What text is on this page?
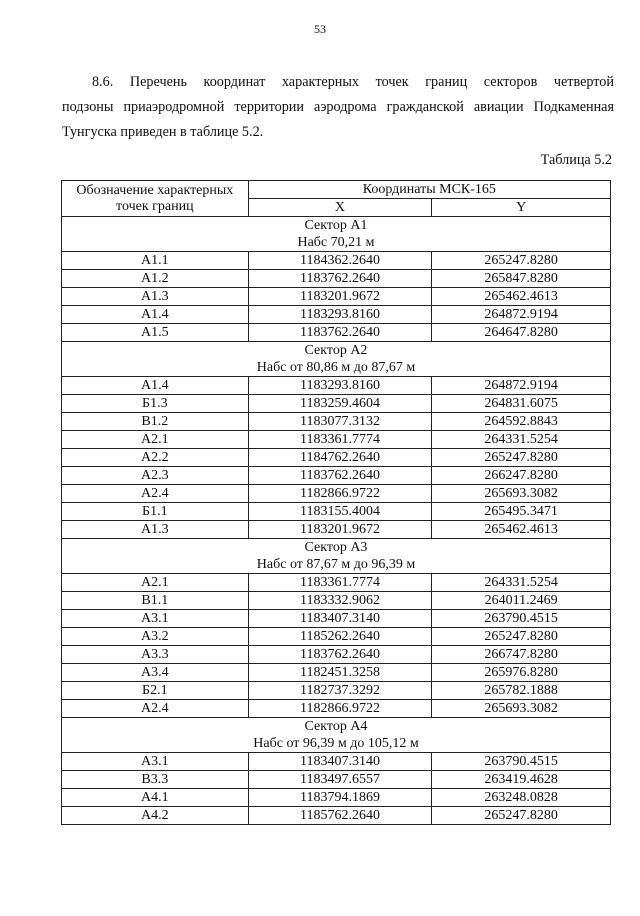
53

8.6. Перечень координат характерных точек границ секторов четвертой
подзоны приаэродромной территории аэродрома гражданской авиации Подкаменная
Тунгуска приведен в таблице 5.2.

Таблица 5.2
Обозначение характерных точек границ	Координаты МСК-165	
	X	Y

Сектор А1
Набс 70,21 м		

A1.1	1184362.2640	265247.8280
A1.2	1183762.2640	265847.8280
A1.3	1183201.9672	265462.4613
A1.4	1183293.8160	264872.9194
A1.5	1183762.2640	264647.8280

Сектор А2
Набс от 80,86 м до 87,67 м		

A1.4	1183293.8160	264872.9194
Б1.3	1183259.4604	264831.6075
В1.2	1183077.3132	264592.8843
А2.1	1183361.7774	264331.5254
А2.2	1184762.2640	265247.8280
А2.3	1183762.2640	266247.8280
А2.4	1182866.9722	265693.3082
Б1.1	1183155.4004	265495.3471
А1.3	1183201.9672	265462.4613

Сектор А3
Набс от 87,67 м до 96,39 м		

А2.1	1183361.7774	264331.5254
В1.1	1183332.9062	264011.2469
А3.1	1183407.3140	263790.4515
А3.2	1185262.2640	265247.8280
А3.3	1183762.2640	266747.8280
А3.4	1182451.3258	265976.8280
Б2.1	1182737.3292	265782.1888
А2.4	1182866.9722	265693.3082

Сектор А4
Набс от 96,39 м до 105,12 м		

А3.1	1183407.3140	263790.4515
В3.3	1183497.6557	263419.4628
А4.1	1183794.1869	263248.0828
А4.2	1185762.2640	265247.8280
